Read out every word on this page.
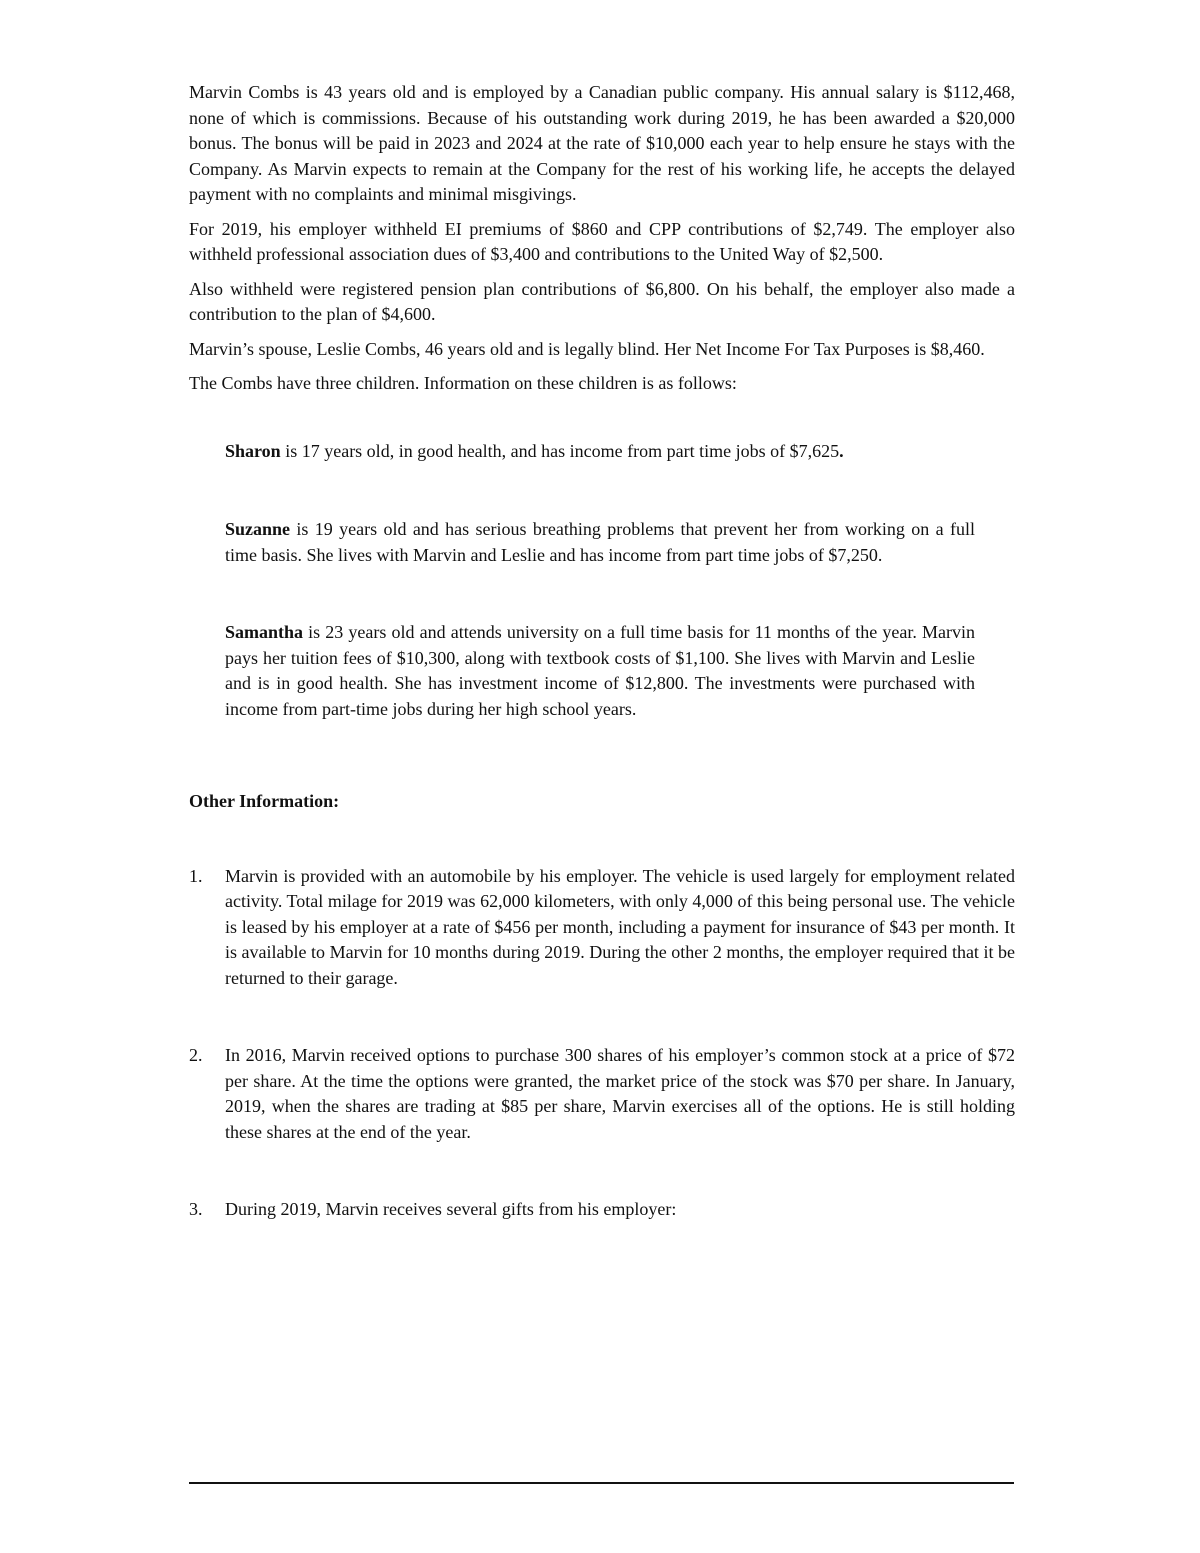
Marvin Combs is 43 years old and is employed by a Canadian public company. His annual salary is $112,468, none of which is commissions. Because of his outstanding work during 2019, he has been awarded a $20,000 bonus. The bonus will be paid in 2023 and 2024 at the rate of $10,000 each year to help ensure he stays with the Company. As Marvin expects to remain at the Company for the rest of his working life, he accepts the delayed payment with no complaints and minimal misgivings.

For 2019, his employer withheld EI premiums of $860 and CPP contributions of $2,749. The employer also withheld professional association dues of $3,400 and contributions to the United Way of $2,500.

Also withheld were registered pension plan contributions of $6,800. On his behalf, the employer also made a contribution to the plan of $4,600.

Marvin’s spouse, Leslie Combs, 46 years old and is legally blind. Her Net Income For Tax Purposes is $8,460.

The Combs have three children. Information on these children is as follows:

Sharon is 17 years old, in good health, and has income from part time jobs of $7,625.

Suzanne is 19 years old and has serious breathing problems that prevent her from working on a full time basis. She lives with Marvin and Leslie and has income from part time jobs of $7,250.

Samantha is 23 years old and attends university on a full time basis for 11 months of the year. Marvin pays her tuition fees of $10,300, along with textbook costs of $1,100. She lives with Marvin and Leslie and is in good health. She has investment income of $12,800. The investments were purchased with income from part-time jobs during her high school years.

Other Information:

1.	Marvin is provided with an automobile by his employer. The vehicle is used largely for employment related activity. Total milage for 2019 was 62,000 kilometers, with only 4,000 of this being personal use. The vehicle is leased by his employer at a rate of $456 per month, including a payment for insurance of $43 per month. It is available to Marvin for 10 months during 2019. During the other 2 months, the employer required that it be returned to their garage.
2.	In 2016, Marvin received options to purchase 300 shares of his employer’s common stock at a price of $72 per share. At the time the options were granted, the market price of the stock was $70 per share. In January, 2019, when the shares are trading at $85 per share, Marvin exercises all of the options. He is still holding these shares at the end of the year.
3.	During 2019, Marvin receives several gifts from his employer:
